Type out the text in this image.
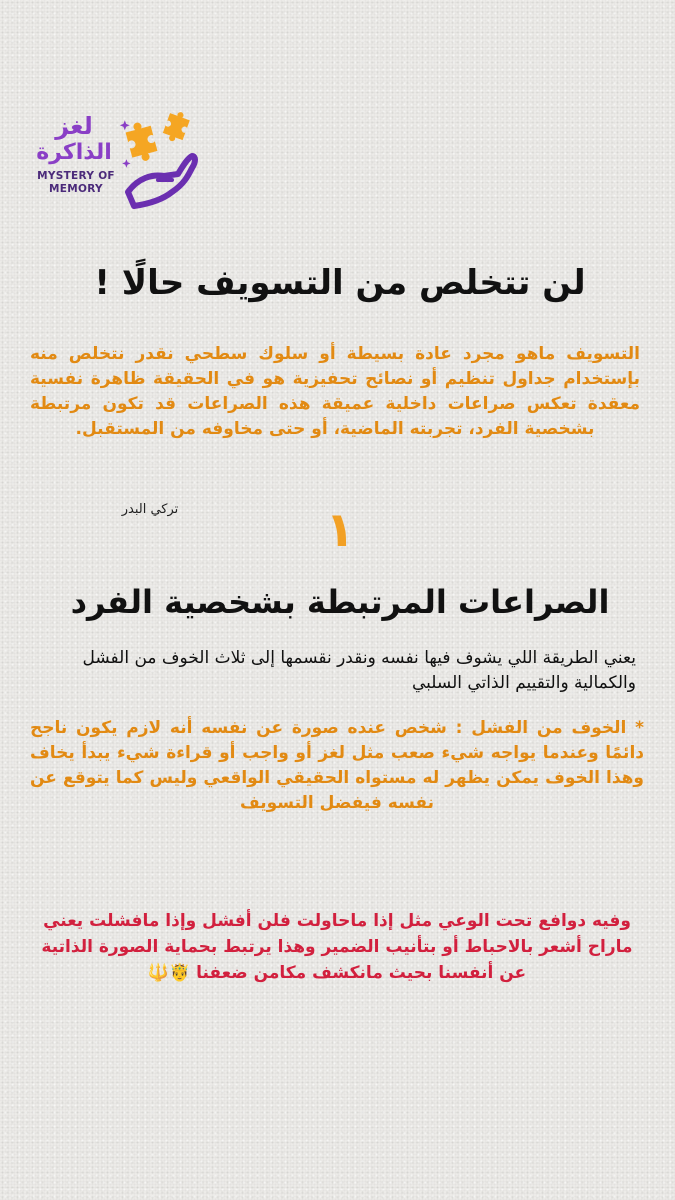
لغز
الذاكرة
MYSTERY OF
MEMORY
لن تتخلص من التسويف حالًا !
التسويف ماهو مجرد عادة بسيطة أو سلوك سطحي نقدر نتخلص منه بإستخدام جداول تنظيم أو نصائح تحفيزية هو في الحقيقة ظاهرة نفسية معقدة تعكس صراعات داخلية عميقة هذه الصراعات قد تكون مرتبطة بشخصية الفرد، تجربته الماضية، أو حتى مخاوفه من المستقبل.
تركي البدر	١
الصراعات المرتبطة بشخصية الفرد
يعني الطريقة اللي يشوف فيها نفسه ونقدر نقسمها إلى ثلاث الخوف من الفشل والكمالية والتقييم الذاتي السلبي
* الخوف من الفشل : شخص عنده صورة عن نفسه أنه لازم يكون ناجح دائمًا وعندما يواجه شيء صعب مثل لغز أو واجب أو قراءة شيء يبدأ يخاف وهذا الخوف يمكن يظهر له مستواه الحقيقي الواقعي وليس كما يتوقع عن نفسه فيفضل التسويف
وفيه دوافع تحت الوعي مثل إذا ماحاولت فلن أفشل وإذا مافشلت يعني ماراح أشعر بالاحباط أو بتأنيب الضمير وهذا يرتبط بحماية الصورة الذاتية عن أنفسنا بحيث مانكشف مكامن ضعفنا 🤴🔱
